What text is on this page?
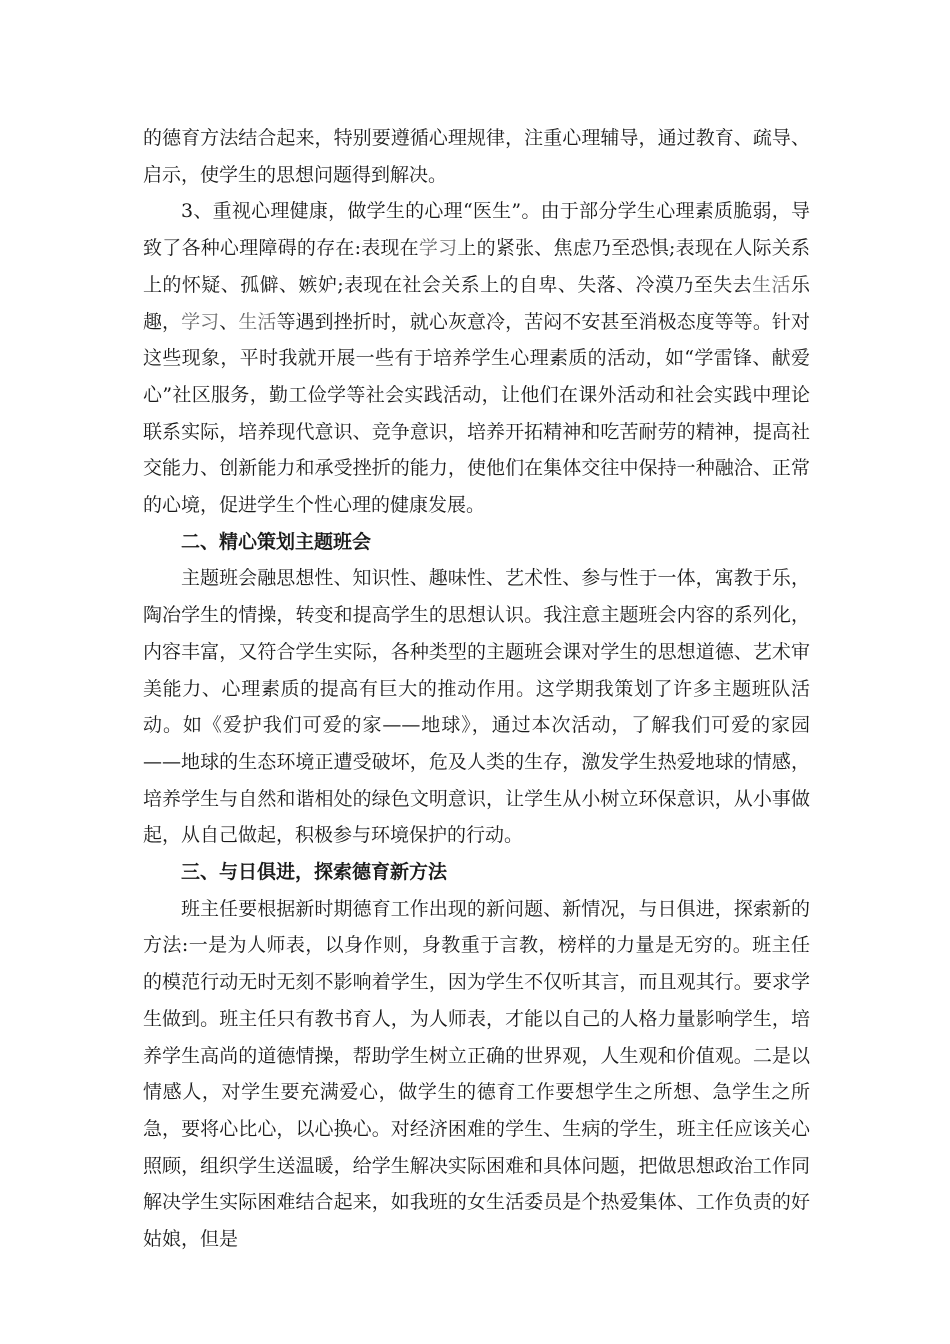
的德育方法结合起来，特别要遵循心理规律，注重心理辅导，通过教育、疏导、启示，使学生的思想问题得到解决。

3、重视心理健康，做学生的心理“医生”。由于部分学生心理素质脆弱，导致了各种心理障碍的存在:表现在学习上的紧张、焦虑乃至恐惧;表现在人际关系上的怀疑、孤僻、嫉妒;表现在社会关系上的自卑、失落、冷漠乃至失去生活乐趣，学习、生活等遇到挫折时，就心灰意冷，苦闷不安甚至消极态度等等。针对这些现象，平时我就开展一些有于培养学生心理素质的活动，如“学雷锋、献爱心”社区服务，勤工俭学等社会实践活动，让他们在课外活动和社会实践中理论联系实际，培养现代意识、竞争意识，培养开拓精神和吃苦耐劳的精神，提高社交能力、创新能力和承受挫折的能力，使他们在集体交往中保持一种融洽、正常的心境，促进学生个性心理的健康发展。

二、精心策划主题班会

主题班会融思想性、知识性、趣味性、艺术性、参与性于一体，寓教于乐，陶冶学生的情操，转变和提高学生的思想认识。我注意主题班会内容的系列化，内容丰富，又符合学生实际，各种类型的主题班会课对学生的思想道德、艺术审美能力、心理素质的提高有巨大的推动作用。这学期我策划了许多主题班队活动。如《爱护我们可爱的家——地球》，通过本次活动，了解我们可爱的家园——地球的生态环境正遭受破坏，危及人类的生存，激发学生热爱地球的情感，培养学生与自然和谐相处的绿色文明意识，让学生从小树立环保意识，从小事做起，从自己做起，积极参与环境保护的行动。

三、与日俱进，探索德育新方法

班主任要根据新时期德育工作出现的新问题、新情况，与日俱进，探索新的方法:一是为人师表，以身作则，身教重于言教，榜样的力量是无穷的。班主任的模范行动无时无刻不影响着学生，因为学生不仅听其言，而且观其行。要求学生做到。班主任只有教书育人，为人师表，才能以自己的人格力量影响学生，培养学生高尚的道德情操，帮助学生树立正确的世界观，人生观和价值观。二是以情感人，对学生要充满爱心，做学生的德育工作要想学生之所想、急学生之所急，要将心比心，以心换心。对经济困难的学生、生病的学生，班主任应该关心照顾，组织学生送温暖，给学生解决实际困难和具体问题，把做思想政治工作同解决学生实际困难结合起来，如我班的女生活委员是个热爱集体、工作负责的好姑娘，但是
